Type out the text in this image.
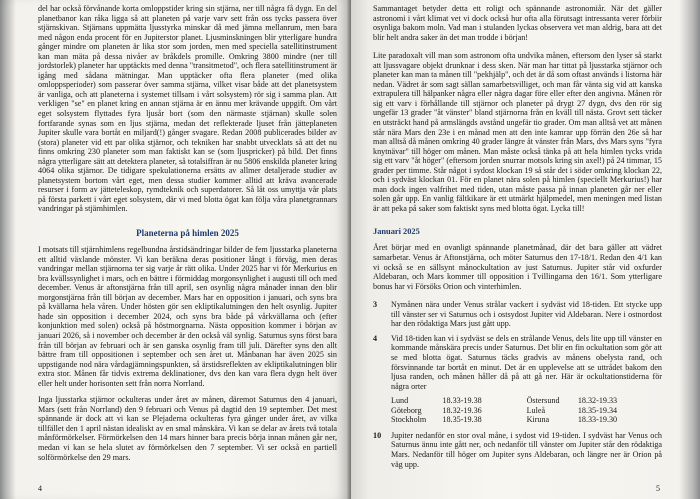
del har också förvånande korta omloppstider kring sin stjärna, ner till några få dygn. En del planetbanor kan råka ligga så att planeten på varje varv sett från oss tycks passera över stjärnskivan. Stjärnans uppmätta ljusstyrka minskar då med jämna mellanrum, men bara med någon enda procent för en Jupiterstor planet. Ljusminskningen blir ytterligare hundra gånger mindre om planeten är lika stor som jorden, men med speciella satellitinstrument kan man mäta på dessa nivåer av bråkdels promille. Omkring 3800 mindre (ner till jordstorlek) planeter har upptäckts med denna "transitmetod", och flera satellitinstrument är igång med sådana mätningar. Man upptäcker ofta flera planeter (med olika omloppsperioder) som passerar över samma stjärna, vilket visar både att det planetsystem är vanliga, och att planeterna i systemet tillsam i vårt solsystem) rör sig i samma plan. Att verkligen "se" en planet kring en annan stjärna är en ännu mer krävande uppgift. Om vårt eget solsystem flyttades fyra ljusår bort (som den närmaste stjärnan) skulle solen fortfarande synas som en ljus stjärna, medan det reflekterade ljuset från jätteplaneten Jupiter skulle vara bortåt en miljard(!) gånger svagare. Redan 2008 publicerades bilder av (stora) planeter vid ett par olika stjärnor, och tekniken har snabbt utvecklats så att det nu finns omkring 230 planeter som man faktiskt kan se (som ljuspricker) på bild. Det finns några ytterligare sätt att detektera planeter, så totalsiffran är nu 5806 enskilda planeter kring 4064 olika stjärnor. De tidigare spekulationerna ersätts av allmer detaljerade studier av planetsystem bortom vårt eget, men dessa studier kommer alltid att kräva avancerade resurser i form av jätteteleskop, rymdteknik och superdatorer. Så låt oss umyttja vår plats på första parkett i vårt eget solsystem, där vi med blotta ögat kan följa våra planetgrannars vandringar på stjärnhimlen.

Planeterna på himlen 2025

I motsats till stjärnhimlens regelbundna årstidsändringar bilder de fem ljusstarka planeterna ett alltid växlande mönster. Vi kan beräkna deras positioner långt i förväg, men deras vandringar mellan stjärnorna ter sig varje år rätt olika. Under 2025 har vi för Merkurius en bra kvällssynlighet i mars, och en bättre i förmiddag morgonsynlighet i augusti till och med december. Venus är aftonstjärna från till april, sen osynlig några månader innan den blir morgonstjärna från till början av december. Mars har en opposition i januari, och syns bra på kvällarna hela våren. Under hösten gör sen ekliptikalutningen den helt osynlig. Jupiter hade sin opposition i december 2024, och syns bra både på vårkvällarna och (efter konjunktion med solen) också på höstmorgnarna. Nästa opposition kommer i början av januari 2026, så i november och december är den också väl synlig. Saturnus syns först bara från till början av februari och är sen ganska osynlig fram till juli. Därefter syns den allt bättre fram till oppositionen i september och sen året ut. Månbanan har även 2025 sin uppstigande nod nära vårdagjämningspunkten, så ärstidsreflekten av ekliptikalutningen blir extra stor. Månen får tidvis extrema deklinationer, dvs den kan vara flera dygn helt över eller helt under horisonten sett från norra Norrland.

Inga ljusstarka stjärnor ockulteras under året av månen, däremot Saturnus den 4 januari, Mars (sett från Norrland) den 9 februari och Venus på dagtid den 19 september. Det mest spännande är dock att vi kan se Plejaderna ockulteras fyra gånger under året, av vilka tillfället den 1 april nästan idealiskt av en smal månskära. Vi kan se delar av årets två totala månförmörkelser. Förmörkelsen den 14 mars hinner bara precis börja innan månen går ner, medan vi kan se hela slutet av förmörkelsen den 7 september. Vi ser också en partiell solförmörkelse den 29 mars.

4

Sammantaget betyder detta ett roligt och spännande astronomiår. När det gäller astronomi i vårt klimat vet vi dock också hur ofta alla förutsagt intressanta verer förbiir osynliga bakom moln. Vad man i stulanden lyckas observera vet man aldrig, bara att det blir helt andra saker än det man trodde i början!

Lite paradoxalt vill man som astronom ofta undvika månen, eftersom den lyser så starkt att ljussvagare objekt drunknar i dess sken. När man har tittat på ljusstarka stjärnor och planeter kan man ta månen till "pekhjälp", och det är då som oftast används i listorna här nedan. Vädret är som sagt sällan samarbetsvilliget, och man får vänta sig vid att kanska extrapulera till hälpanker några eller några dagar före eller efter den angivna. Månen rör sig ett varv i förhållande till stjärnor och planeter på drygt 27 dygn, dvs den rör sig ungefär 13 grader "åt vänster" bland stjärnorna från en kväll till nästa. Grovt sett täcker en utsträckt hand på armslängds avstånd ungefär tio grader. Om man alltså vet att månen står nära Mars den 23e i en månad men att den inte kamrar upp förrän den 26e så har man alltså då månen omkring 40 grader längre åt vänster från Mars, dvs Mars syns "fyra knytnävar" till höger om månen. Man måste också tänka på att hela himlen tycks vrida sig ett varv "åt höger" (eftersom jorden snurrar motsols kring sin axel!) på 24 timmar, 15 grader per timme. Står något i sydost klockan 19 så står det i söder omkring klockan 22, och i sydväst klockan 01. För en planet nära solen på himlen (speciellt Merkurius!) har man dock ingen valfrihet med tiden, utan måste passa på innan planeten går ner eller solen går upp. En vanlig fältkikare är ett utmärkt hjälpmedel, men meningen med listan är att peka på saker som faktiskt syns med blotta ögat. Lycka till!

Januari 2025

Året börjar med en ovanligt spännande planetmånad, där det bara gäller att vädret samarbetar. Venus är Aftonstjärna, och möter Saturnus den 17-18/1. Redan den 4/1 kan vi också se en sällsynt månockultation av just Saturnus. Jupiter står vid oxfurder Aldebaran, och Mars kommer till opposition i Tvillingarna den 16/1. Som ytterligare bonus har vi Försöks Orion och vinterhimlen.

3	Nymånen nära under Venus strålar vackert i sydväst vid 18-tiden. Ett stycke upp till vänster ser vi Saturnus och i ostsydost Jupiter vid Aldebaran. Nere i ostnordost har den rödaktiga Mars just gått upp.

4	Vid 18-tiden kan vi i sydväst se dels en strålande Venus, dels lite upp till vänster en kommande månskära precis under Saturnus. Det blir en fin ockultation som gör att se med blotta ögat. Saturnus täcks gradvis av månens obelysta rand, och försvinnande tar bortåt en minut. Det är en upplevelse att se uttrådet bakom den ljusa randen, och månen håller då på att gå ner. Här är ockultationstiderna för några orter

Lund	18.33-19.38	Östersund	18.32-19.33
Göteborg	18.32-19.36	Luleå	18.35-19.34
Stockholm	18.35-19.38	Kiruna	18.33-19.30
10	Jupiter nedanför en stor oval måne, i sydost vid 19-tiden. I sydväst har Venus och Saturnus ännu inte gått ner, och nedanför till vänster om Jupiter står den rödaktiga Mars. Nedanför till höger om Jupiter syns Aldebaran, och längre ner är Orion på väg upp.

5
